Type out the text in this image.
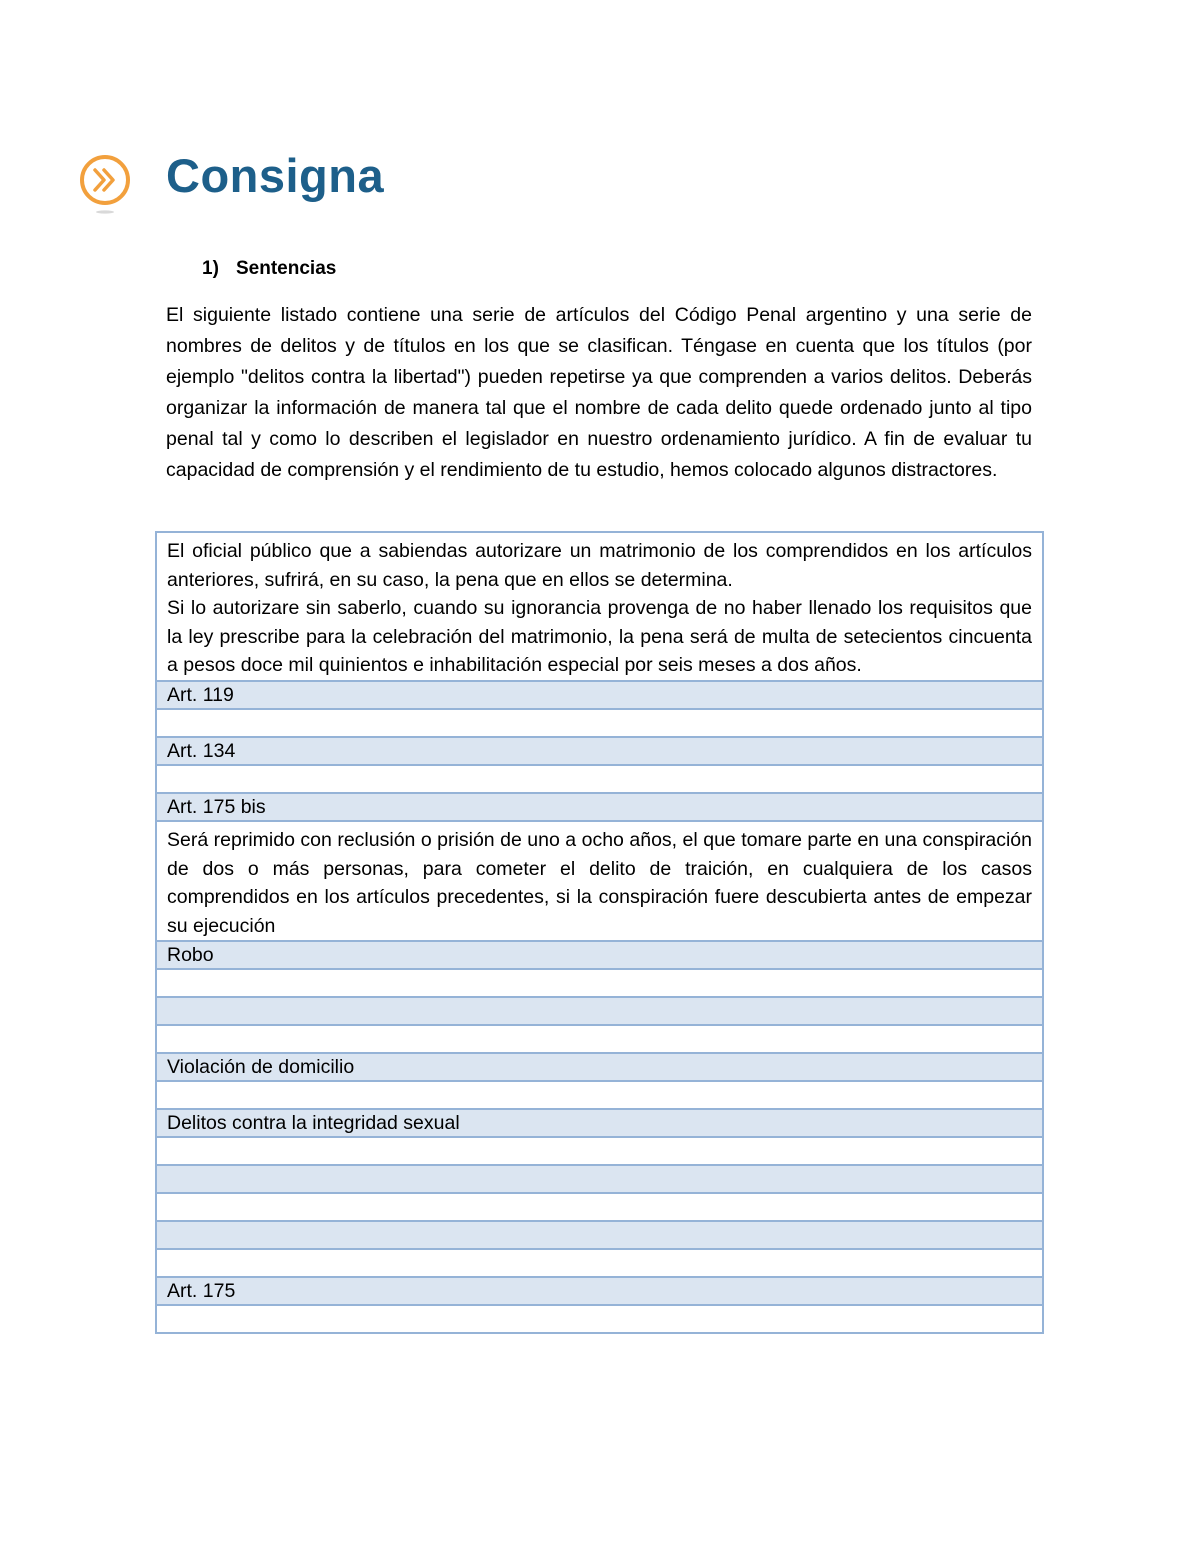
Consigna
1) Sentencias

El siguiente listado contiene una serie de artículos del Código Penal argentino y una serie de nombres de delitos y de títulos en los que se clasifican. Téngase en cuenta que los títulos (por ejemplo "delitos contra la libertad") pueden repetirse ya que comprenden a varios delitos. Deberás organizar la información de manera tal que el nombre de cada delito quede ordenado junto al tipo penal tal y como lo describen el legislador en nuestro ordenamiento jurídico. A fin de evaluar tu capacidad de comprensión y el rendimiento de tu estudio, hemos colocado algunos distractores.

El oficial público que a sabiendas autorizare un matrimonio de los comprendidos en los artículos anteriores, sufrirá, en su caso, la pena que en ellos se determina.
Si lo autorizare sin saberlo, cuando su ignorancia provenga de no haber llenado los requisitos que la ley prescribe para la celebración del matrimonio, la pena será de multa de setecientos cincuenta a pesos doce mil quinientos e inhabilitación especial por seis meses a dos años.

Art. 119

Art. 134

Art. 175 bis

Será reprimido con reclusión o prisión de uno a ocho años, el que tomare parte en una conspiración de dos o más personas, para cometer el delito de traición, en cualquiera de los casos comprendidos en los artículos precedentes, si la conspiración fuere descubierta antes de empezar su ejecución

Robo

Violación de domicilio

Delitos contra la integridad sexual

Art. 175
